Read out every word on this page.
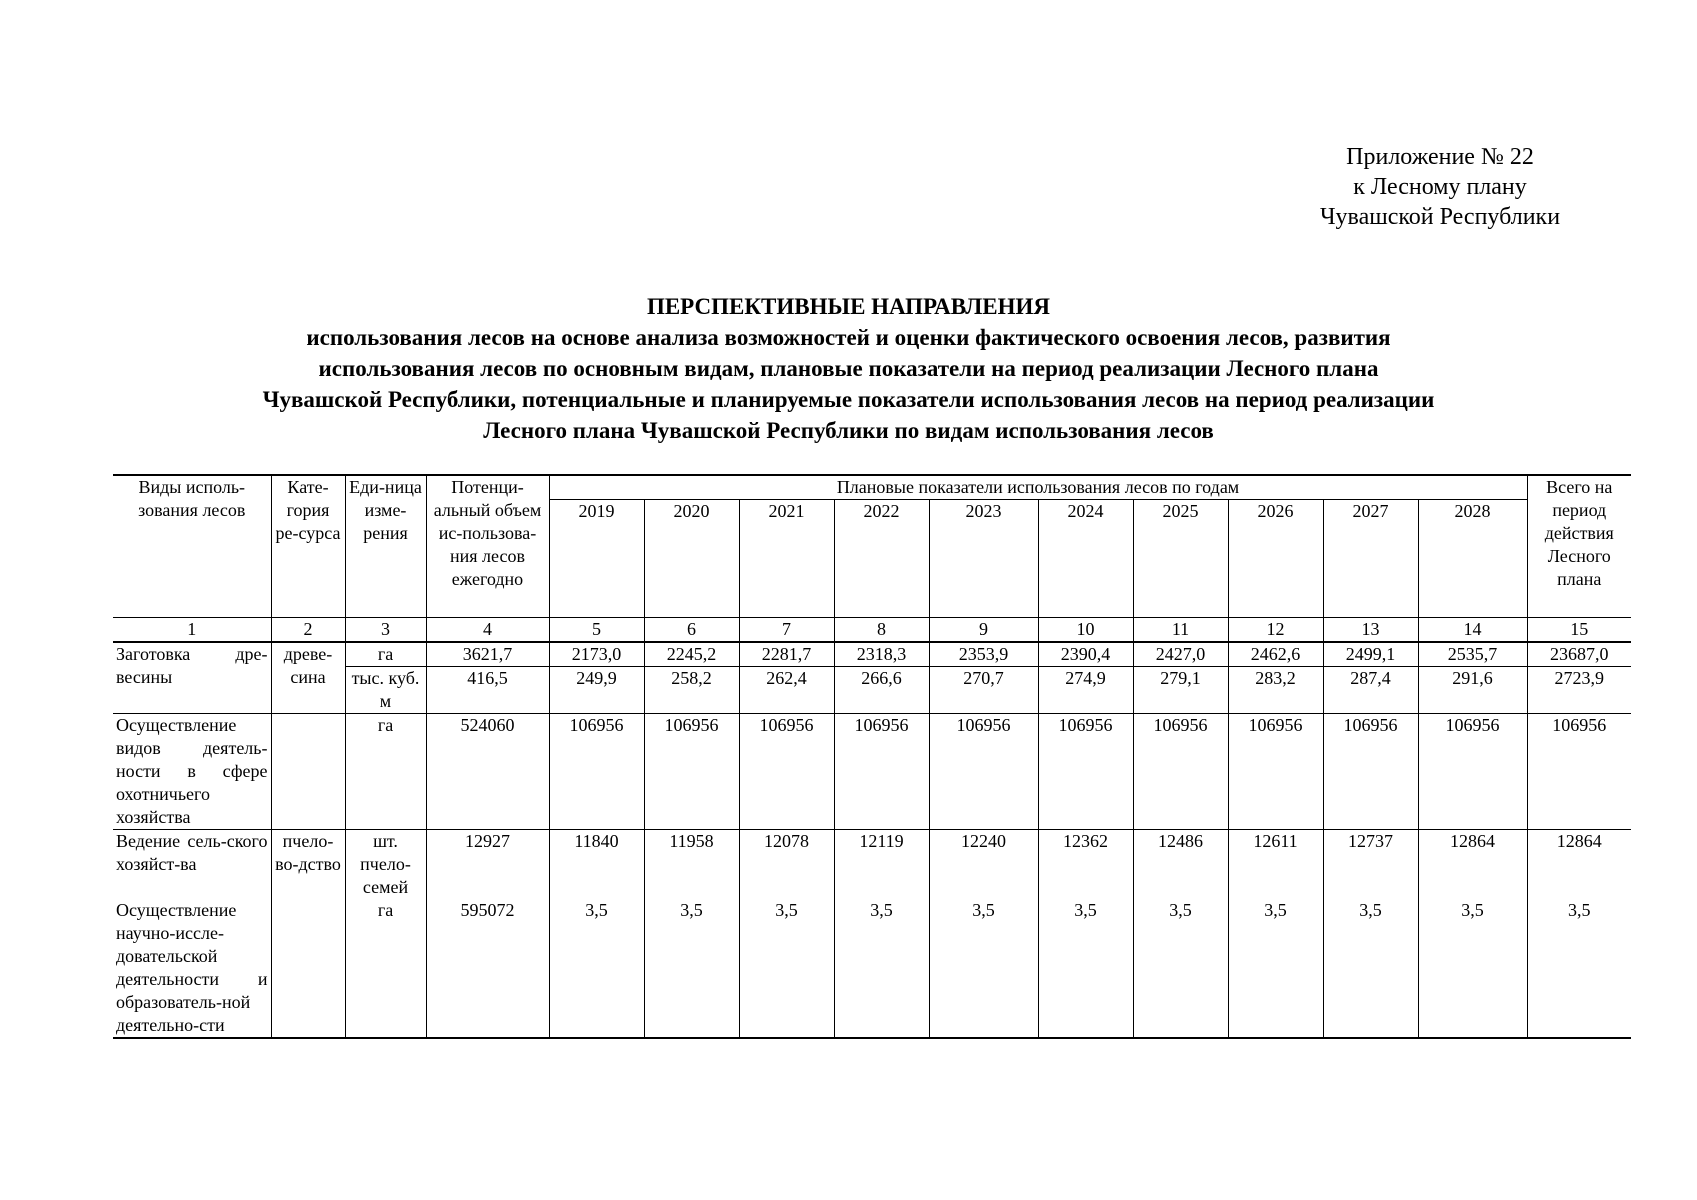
Приложение № 22
к Лесному плану
Чувашской Республики
ПЕРСПЕКТИВНЫЕ НАПРАВЛЕНИЯ
использования лесов на основе анализа возможностей и оценки фактического освоения лесов, развития
использования лесов по основным видам, плановые показатели на период реализации Лесного плана
Чувашской Республики, потенциальные и планируемые показатели использования лесов на период реализации
Лесного плана Чувашской Республики по видам использования лесов
Виды исполь-зования лесов	Кате-гория ре-сурса	Еди-ница изме-рения	Потенци-альный объем ис-пользова-ния лесов ежегодно	Плановые показатели использования лесов по годам										Всего на период действия Лесного плана
				2019	2020	2021	2022	2023	2024	2025	2026	2027	2028	
1	2	3	4	5	6	7	8	9	10	11	12	13	14	15
Заготовка дре-весины	древе-сина	га	3621,7	2173,0	2245,2	2281,7	2318,3	2353,9	2390,4	2427,0	2462,6	2499,1	2535,7	23687,0
		тыс. куб. м	416,5	249,9	258,2	262,4	266,6	270,7	274,9	279,1	283,2	287,4	291,6	2723,9
Осуществление видов деятель-ности в сфере охотничьего хозяйства		га	524060	106956	106956	106956	106956	106956	106956	106956	106956	106956	106956	106956
Ведение сель-ского хозяйст-ва	пчело-во-дство	шт. пчело-семей	12927	11840	11958	12078	12119	12240	12362	12486	12611	12737	12864	12864
Осуществление научно-иссле-довательской деятельности и образователь-ной деятельно-сти		га	595072	3,5	3,5	3,5	3,5	3,5	3,5	3,5	3,5	3,5	3,5	3,5
